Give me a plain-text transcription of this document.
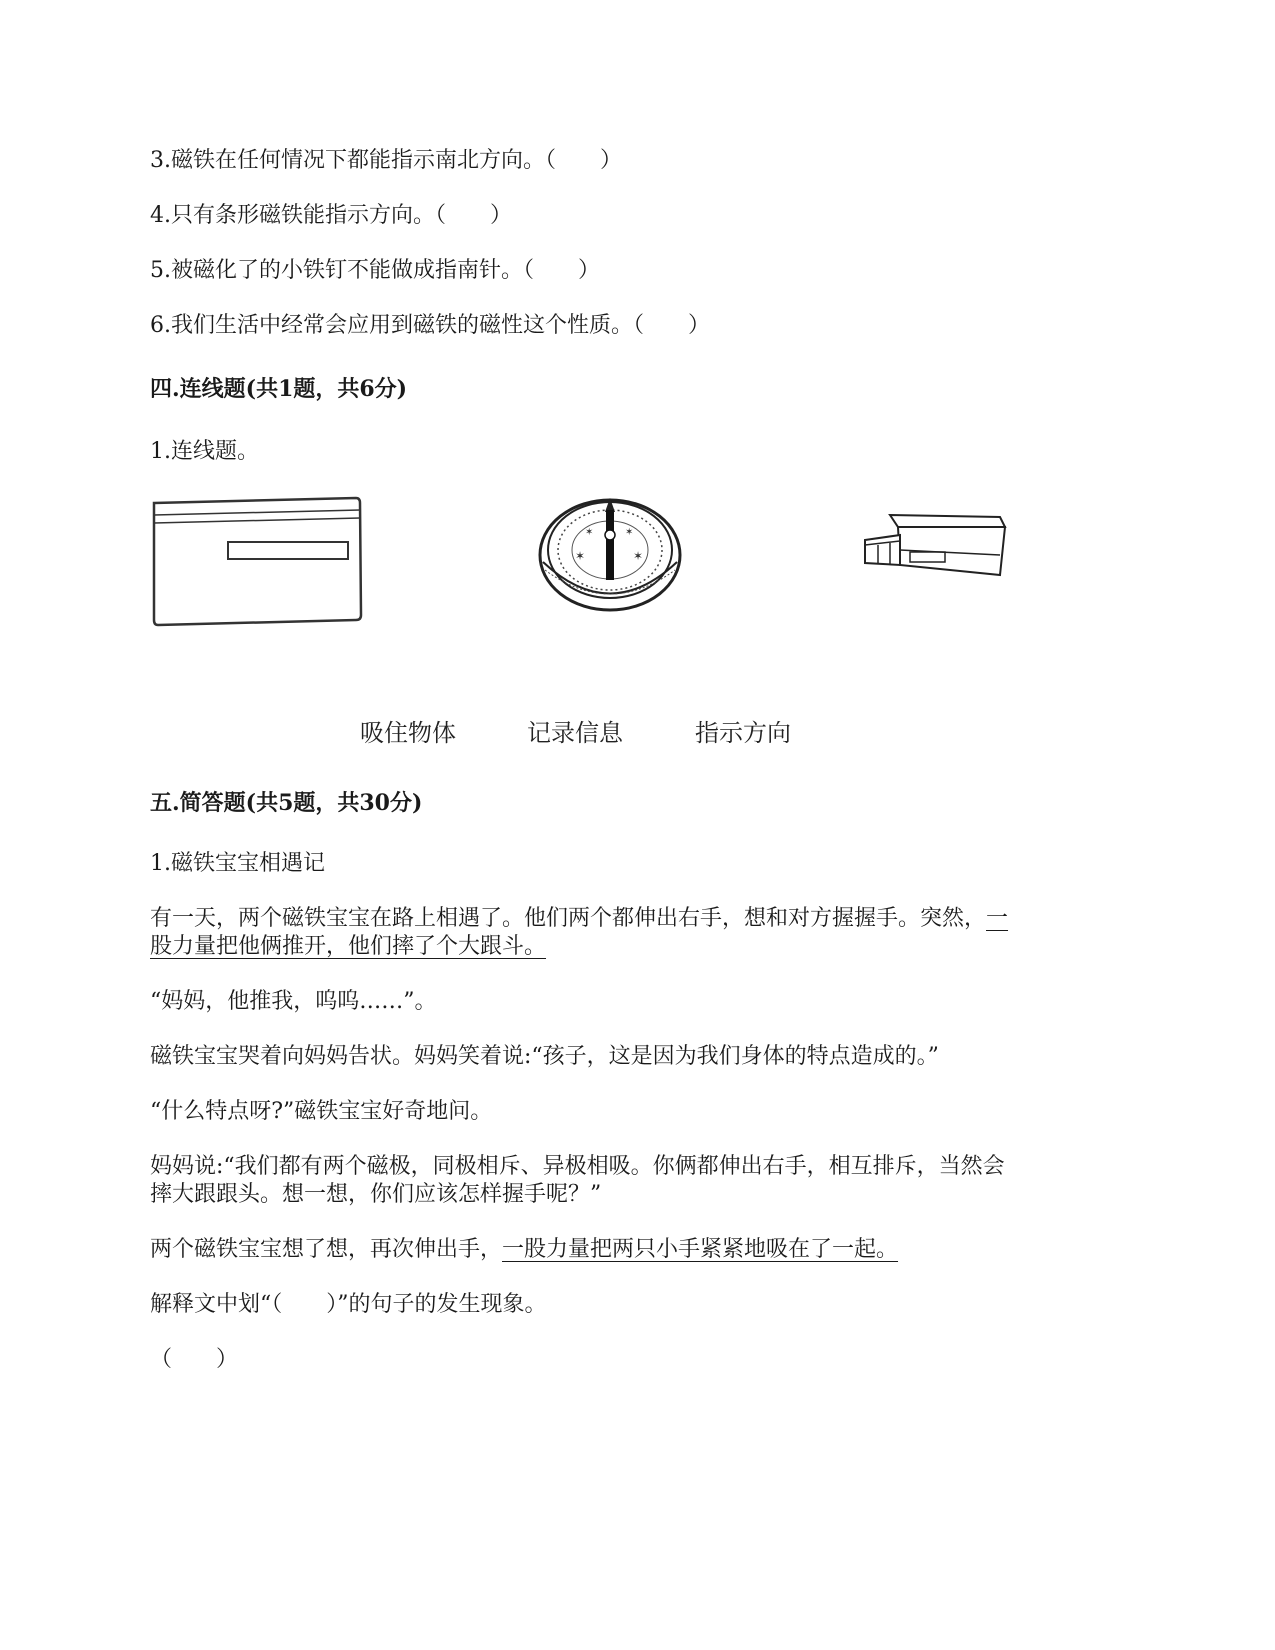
3.磁铁在任何情况下都能指示南北方向。（　　）
4.只有条形磁铁能指示方向。（　　）
5.被磁化了的小铁钉不能做成指南针。（　　）
6.我们生活中经常会应用到磁铁的磁性这个性质。（　　）
四.连线题(共1题，共6分)
1.连线题。
✶	✶
✶	✶
吸住物体	记录信息	指示方向
五.简答题(共5题，共30分)
1.磁铁宝宝相遇记
有一天，两个磁铁宝宝在路上相遇了。他们两个都伸出右手，想和对方握握手。突然，一
股力量把他俩推开，他们摔了个大跟斗。
“妈妈，他推我，呜呜……”。
磁铁宝宝哭着向妈妈告状。妈妈笑着说:“孩子，这是因为我们身体的特点造成的。”
“什么特点呀?”磁铁宝宝好奇地问。
妈妈说:“我们都有两个磁极，同极相斥、异极相吸。你俩都伸出右手，相互排斥，当然会
摔大跟跟头。想一想，你们应该怎样握手呢？”
两个磁铁宝宝想了想，再次伸出手，一股力量把两只小手紧紧地吸在了一起。
解释文中划“（　　）”的句子的发生现象。
（　　）
